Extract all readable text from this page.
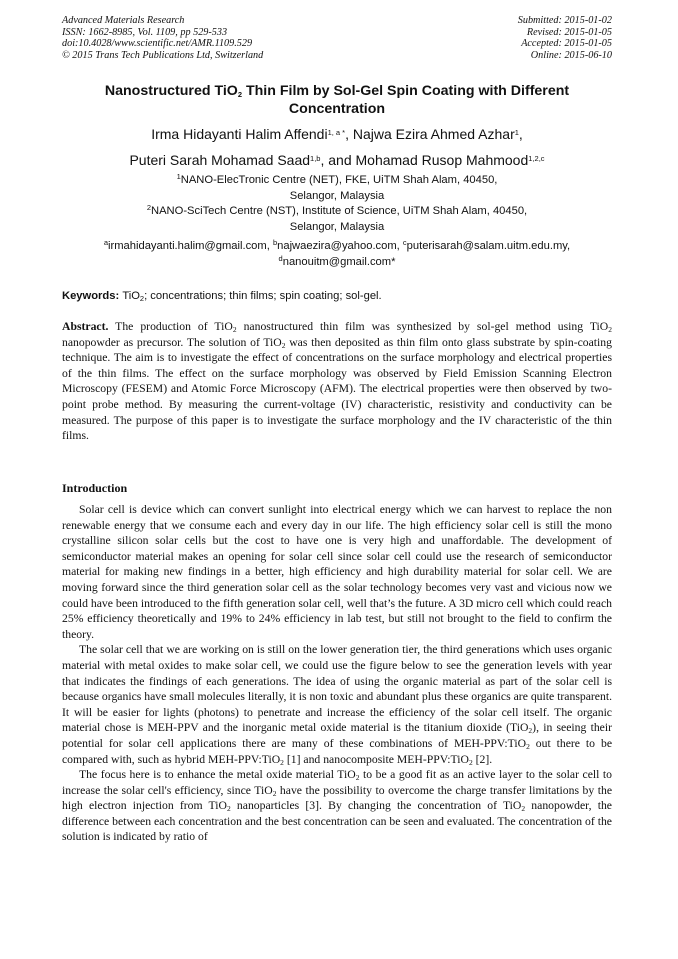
Advanced Materials Research
ISSN: 1662-8985, Vol. 1109, pp 529-533
doi:10.4028/www.scientific.net/AMR.1109.529
© 2015 Trans Tech Publications Ltd, Switzerland
Submitted: 2015-01-02
Revised: 2015-01-05
Accepted: 2015-01-05
Online: 2015-06-10
Nanostructured TiO$_2$ Thin Film by Sol-Gel Spin Coating with Different Concentration
Irma Hidayanti Halim Affendi$^{1, a *}$, Najwa Ezira Ahmed Azhar$^1$,
Puteri Sarah Mohamad Saad$^{1,b}$, and Mohamad Rusop Mahmood$^{1,2,c}$
$^1$NANO-ElecTronic Centre (NET), FKE, UiTM Shah Alam, 40450,
Selangor, Malaysia
$^2$NANO-SciTech Centre (NST), Institute of Science, UiTM Shah Alam, 40450,
Selangor, Malaysia
$^a$irmahidayanti.halim@gmail.com, $^b$najwaezira@yahoo.com, $^c$puterisarah@salam.uitm.edu.my,
$^d$nanouitm@gmail.com*
Keywords: TiO$_2$; concentrations; thin films; spin coating; sol-gel.
Abstract. The production of TiO$_2$ nanostructured thin film was synthesized by sol-gel method using TiO$_2$ nanopowder as precursor. The solution of TiO$_2$ was then deposited as thin film onto glass substrate by spin-coating technique. The aim is to investigate the effect of concentrations on the surface morphology and electrical properties of the thin films. The effect on the surface morphology was observed by Field Emission Scanning Electron Microscopy (FESEM) and Atomic Force Microscopy (AFM). The electrical properties were then observed by two-point probe method. By measuring the current-voltage (IV) characteristic, resistivity and conductivity can be measured. The purpose of this paper is to investigate the surface morphology and the IV characteristic of the thin films.
Introduction

Solar cell is device which can convert sunlight into electrical energy which we can harvest to replace the non renewable energy that we consume each and every day in our life. The high efficiency solar cell is still the mono crystalline silicon solar cells but the cost to have one is very high and unaffordable. The development of semiconductor material makes an opening for solar cell since solar cell could use the research of semiconductor material for making new findings in a better, high efficiency and high durability material for solar cell. We are moving forward since the third generation solar cell as the solar technology becomes very vast and vicious now we could have been introduced to the fifth generation solar cell, well that’s the future. A 3D micro cell which could reach 25% efficiency theoretically and 19% to 24% efficiency in lab test, but still not brought to the field to confirm the theory.

The solar cell that we are working on is still on the lower generation tier, the third generations which uses organic material with metal oxides to make solar cell, we could use the figure below to see the generation levels with year that indicates the findings of each generations. The idea of using the organic material as part of the solar cell is because organics have small molecules literally, it is non toxic and abundant plus these organics are quite transparent. It will be easier for lights (photons) to penetrate and increase the efficiency of the solar cell itself. The organic material chose is MEH-PPV and the inorganic metal oxide material is the titanium dioxide (TiO$_2$), in seeing their potential for solar cell applications there are many of these combinations of MEH-PPV:TiO$_2$ out there to be compared with, such as hybrid MEH-PPV:TiO$_2$ [1] and nanocomposite MEH-PPV:TiO$_2$ [2].

The focus here is to enhance the metal oxide material TiO$_2$ to be a good fit as an active layer to the solar cell to increase the solar cell's efficiency, since TiO$_2$ have the possibility to overcome the charge transfer limitations by the high electron injection from TiO$_2$ nanoparticles [3]. By changing the concentration of TiO$_2$ nanopowder, the difference between each concentration and the best concentration can be seen and evaluated. The concentration of the solution is indicated by ratio of
